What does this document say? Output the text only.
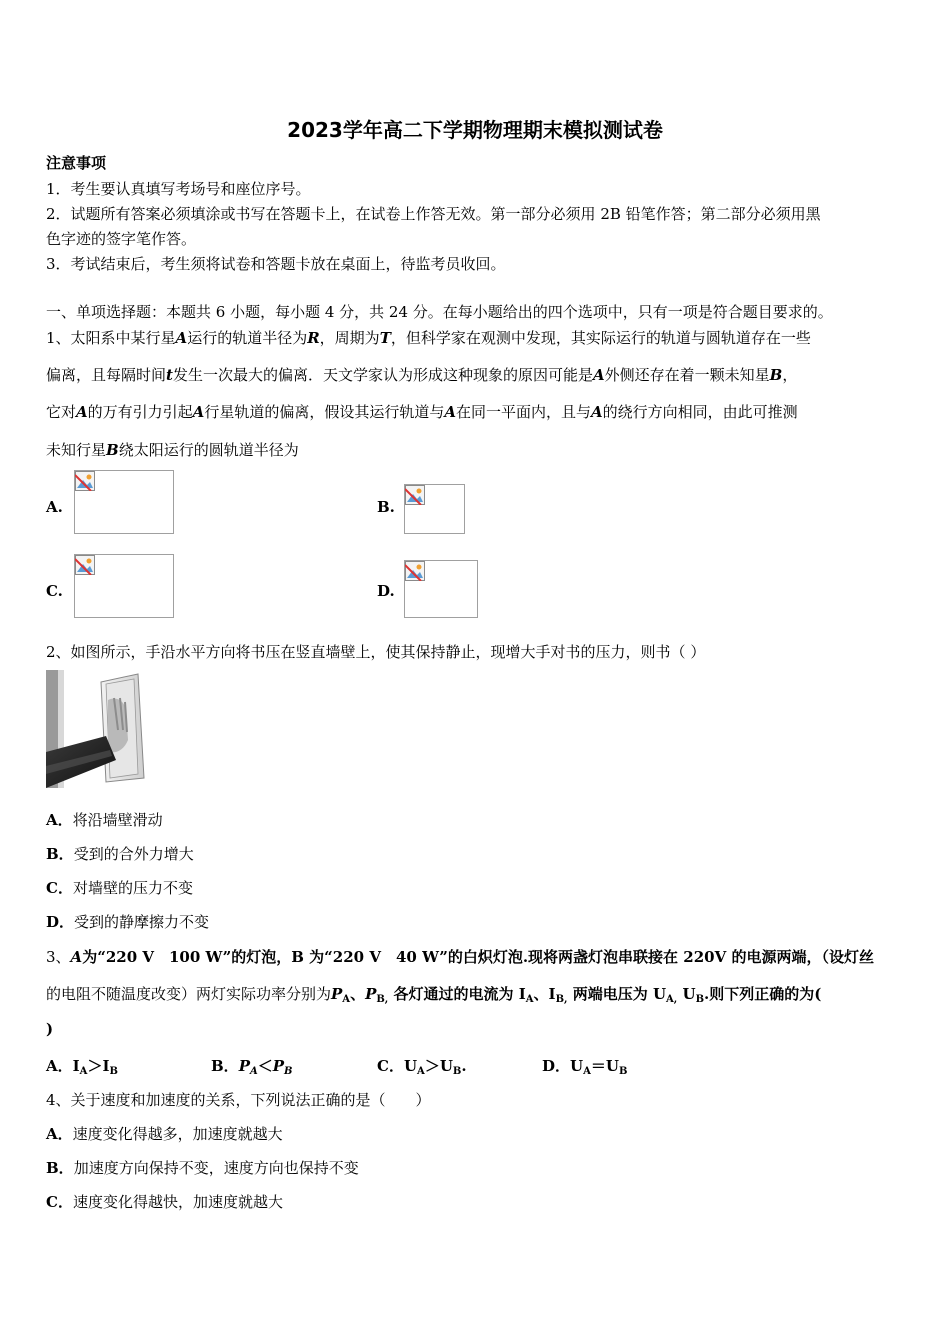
2023学年高二下学期物理期末模拟测试卷
注意事项
1．考生要认真填写考场号和座位序号。
2．试题所有答案必须填涂或书写在答题卡上，在试卷上作答无效。第一部分必须用 2B 铅笔作答；第二部分必须用黑
色字迹的签字笔作答。
3．考试结束后，考生须将试卷和答题卡放在桌面上，待监考员收回。
一、单项选择题：本题共 6 小题，每小题 4 分，共 24 分。在每小题给出的四个选项中，只有一项是符合题目要求的。
1、太阳系中某行星A运行的轨道半径为R，周期为T，但科学家在观测中发现，其实际运行的轨道与圆轨道存在一些
偏离，且每隔时间t发生一次最大的偏离．天文学家认为形成这种现象的原因可能是A外侧还存在着一颗未知星B，
它对A的万有引力引起A行星轨道的偏离，假设其运行轨道与A在同一平面内，且与A的绕行方向相同，由此可推测
未知行星B绕太阳运行的圆轨道半径为
A.	B.
C.	D.
2、如图所示，手沿水平方向将书压在竖直墙壁上，使其保持静止，现增大手对书的压力，则书（ ）
A．将沿墙壁滑动
B．受到的合外力增大
C．对墙壁的压力不变
D．受到的静摩擦力不变
3、A为“220 V　100 W”的灯泡，B 为“220 V　40 W”的白炽灯泡.现将两盏灯泡串联接在 220V 的电源两端，（设灯丝
的电阻不随温度改变）两灯实际功率分别为$P_A$、$P_{B,}$ 各灯通过的电流为 $I_A$、$I_{B,}$ 两端电压为 $U_{A,}$ $U_B$.则下列正确的为(
)
A．$I_A>I_B$	B．$P_A<P_B$	C．$U_A>U_B$.	D．$U_A=U_B$
4、关于速度和加速度的关系，下列说法正确的是（　　）
A．速度变化得越多，加速度就越大
B．加速度方向保持不变，速度方向也保持不变
C．速度变化得越快，加速度就越大
